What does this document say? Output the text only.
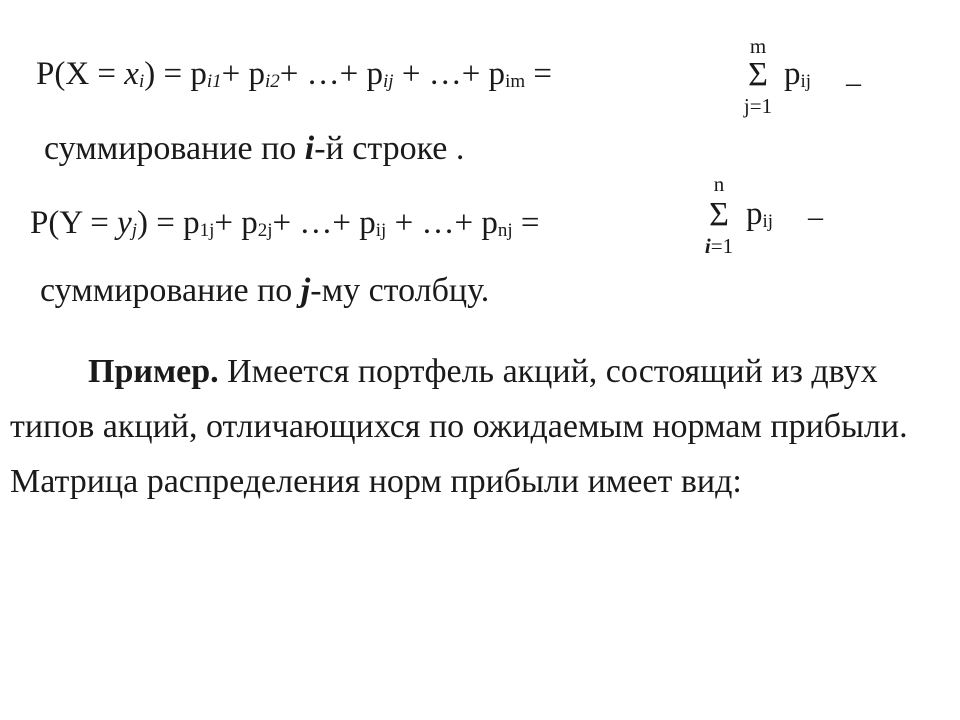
$P(X = x_i) = p_{i1}+ p_{i2}+$ …+ $p_{ij}$ + …+ $p_{im}$ =
m
Σ
j=1
$p_{ij}$ –
суммирование по i-й строке .
$P(Y = y_j) = p_{1j}+ p_{2j}+$ …+ $p_{ij}$ + …+ $p_{nj}$ =
n
Σ
i=1
$p_{ij}$ –
суммирование по j-му столбцу.
Пример. Имеется портфель акций, состоящий из двух типов акций, отличающихся по ожидаемым нормам прибыли. Матрица распределения норм прибыли имеет вид:
